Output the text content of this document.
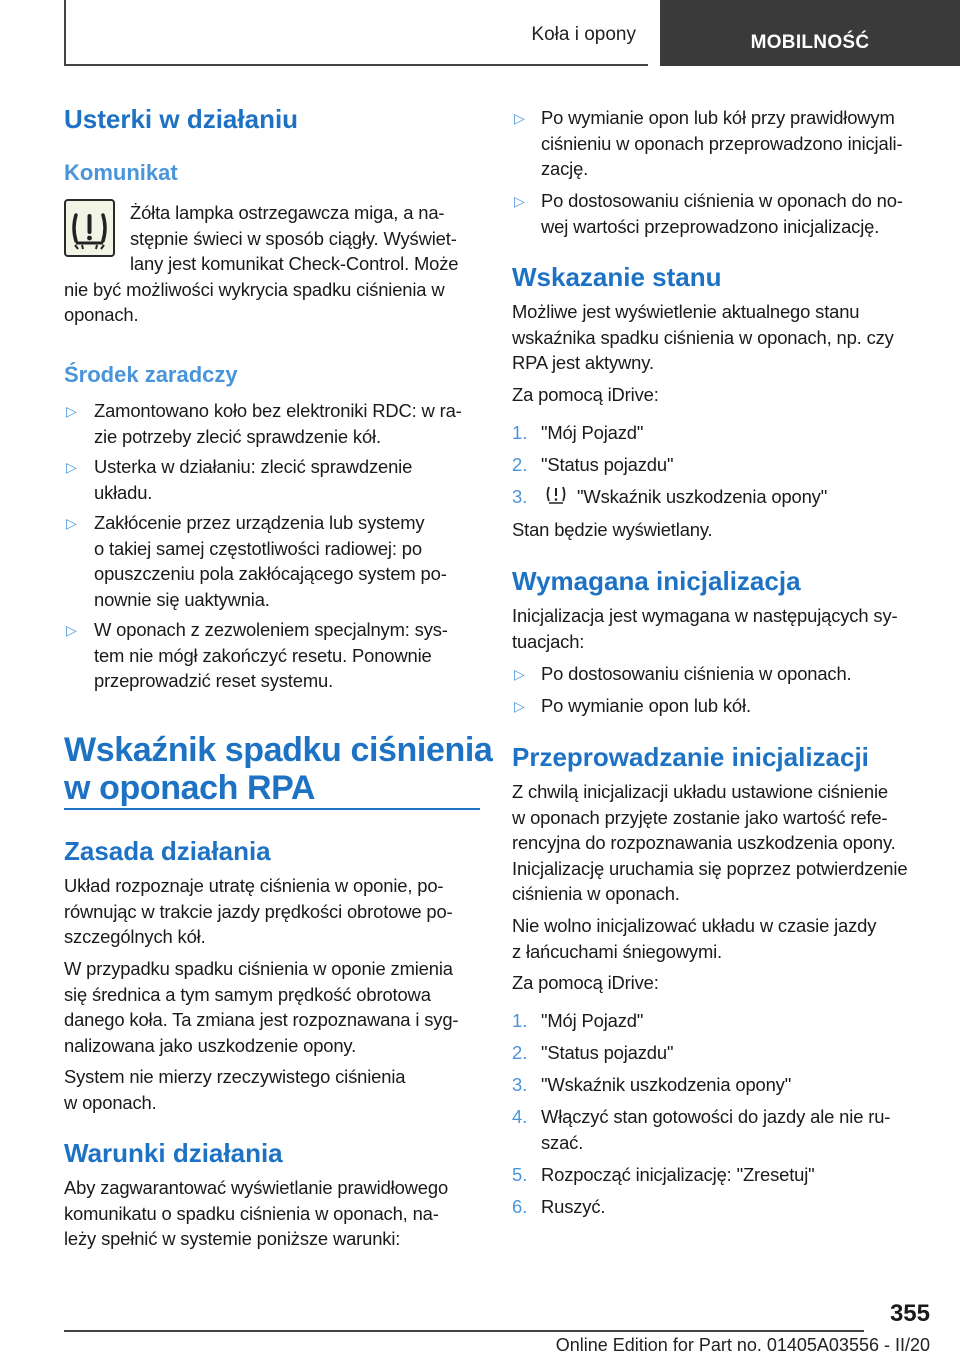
Koła i opony	MOBILNOŚĆ
Usterki w działaniu
Komunikat
Żółta lampka ostrzegawcza miga, a na-
stępnie świeci w sposób ciągły. Wyświet-
lany jest komunikat Check-Control. Może
nie być możliwości wykrycia spadku ciśnienia w
oponach.
Środek zaradczy
▷ Zamontowano koło bez elektroniki RDC: w ra-
zie potrzeby zlecić sprawdzenie kół.
▷ Usterka w działaniu: zlecić sprawdzenie
układu.
▷ Zakłócenie przez urządzenia lub systemy
o takiej samej częstotliwości radiowej: po
opuszczeniu pola zakłócającego system po-
nownie się uaktywnia.
▷ W oponach z zezwoleniem specjalnym: sys-
tem nie mógł zakończyć resetu. Ponownie
przeprowadzić reset systemu.
Wskaźnik spadku ciśnienia
w oponach RPA
Zasada działania
Układ rozpoznaje utratę ciśnienia w oponie, po-
równując w trakcie jazdy prędkości obrotowe po-
szczególnych kół.
W przypadku spadku ciśnienia w oponie zmienia
się średnica a tym samym prędkość obrotowa
danego koła. Ta zmiana jest rozpoznawana i syg-
nalizowana jako uszkodzenie opony.
System nie mierzy rzeczywistego ciśnienia
w oponach.
Warunki działania
Aby zagwarantować wyświetlanie prawidłowego
komunikatu o spadku ciśnienia w oponach, na-
leży spełnić w systemie poniższe warunki:
▷ Po wymianie opon lub kół przy prawidłowym
ciśnieniu w oponach przeprowadzono inicjali-
zację.
▷ Po dostosowaniu ciśnienia w oponach do no-
wej wartości przeprowadzono inicjalizację.
Wskazanie stanu
Możliwe jest wyświetlenie aktualnego stanu
wskaźnika spadku ciśnienia w oponach, np. czy
RPA jest aktywny.
Za pomocą iDrive:
1. "Mój Pojazd"
2. "Status pojazdu"
3.	"Wskaźnik uszkodzenia opony"
Stan będzie wyświetlany.
Wymagana inicjalizacja
Inicjalizacja jest wymagana w następujących sy-
tuacjach:
▷ Po dostosowaniu ciśnienia w oponach.
▷ Po wymianie opon lub kół.
Przeprowadzanie inicjalizacji
Z chwilą inicjalizacji układu ustawione ciśnienie
w oponach przyjęte zostanie jako wartość refe-
rencyjna do rozpoznawania uszkodzenia opony.
Inicjalizację uruchamia się poprzez potwierdzenie
ciśnienia w oponach.
Nie wolno inicjalizować układu w czasie jazdy
z łańcuchami śniegowymi.
Za pomocą iDrive:
1. "Mój Pojazd"
2. "Status pojazdu"
3. "Wskaźnik uszkodzenia opony"
4. Włączyć stan gotowości do jazdy ale nie ru-
szać.
5. Rozpocząć inicjalizację: "Zresetuj"
6. Ruszyć.
355
Online Edition for Part no. 01405A03556 - II/20
